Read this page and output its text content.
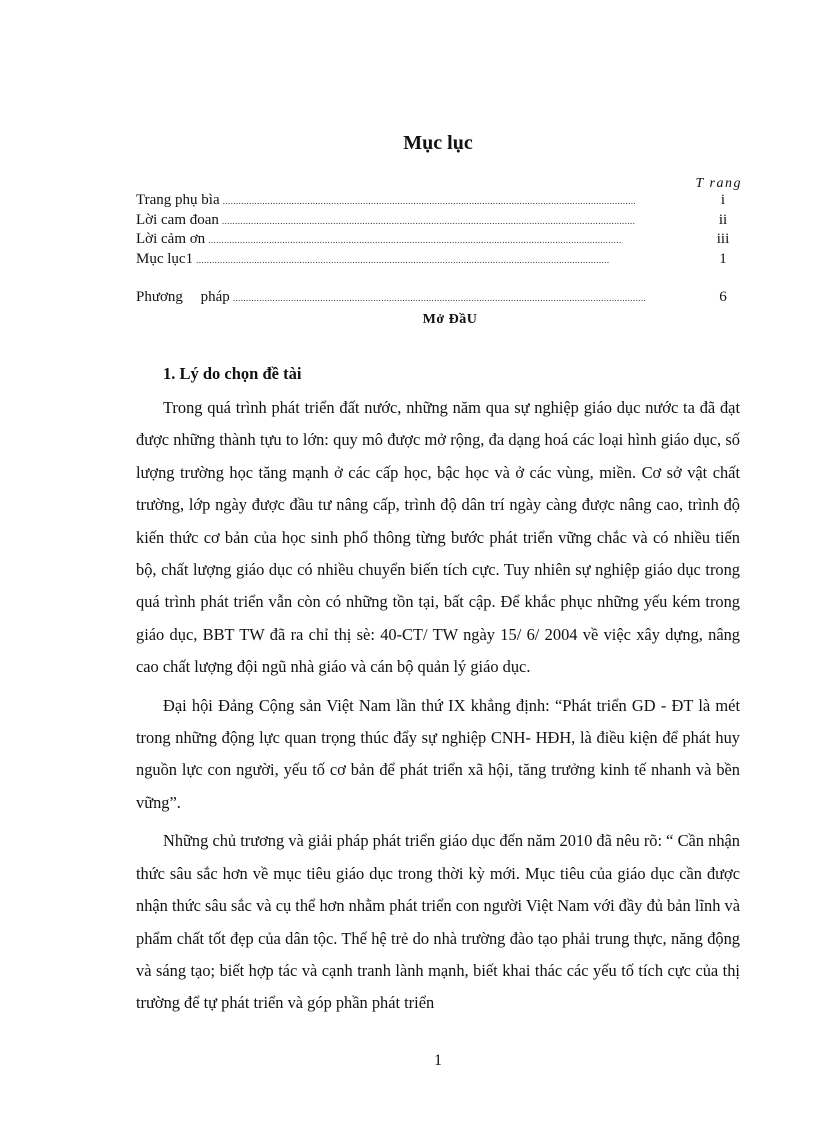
Mục lục
T rang
Trang phụ bìa ............................................................................................................................................................	i
Lời cam đoan ............................................................................................................................................................	ii
Lời cảm ơn ............................................................................................................................................................	iii
Mục lục1 ............................................................................................................................................................	1
Phương pháp ............................................................................................................................................................	6
Mở ĐầU
1. Lý do chọn đề tài

Trong quá trình phát triển đất nước, những năm qua sự nghiệp giáo dục nước ta đã đạt được những thành tựu to lớn: quy mô được mở rộng, đa dạng hoá các loại hình giáo dục, số lượng trường học tăng mạnh ở các cấp học, bậc học và ở các vùng, miền. Cơ sở vật chất trường, lớp ngày được đầu tư nâng cấp, trình độ dân trí ngày càng được nâng cao, trình độ kiến thức cơ bản của học sinh phổ thông từng bước phát triển vững chắc và có nhiều tiến bộ, chất lượng giáo dục có nhiều chuyển biến tích cực. Tuy nhiên sự nghiệp giáo dục trong quá trình phát triển vẫn còn có những tồn tại, bất cập. Để khắc phục những yếu kém trong giáo dục, BBT TW đã ra chỉ thị sè: 40-CT/ TW ngày 15/ 6/ 2004 về việc xây dựng, nâng cao chất lượng đội ngũ nhà giáo và cán bộ quản lý giáo dục.

Đại hội Đảng Cộng sản Việt Nam lần thứ IX khẳng định: “Phát triển GD - ĐT là mét trong những động lực quan trọng thúc đẩy sự nghiệp CNH- HĐH, là điều kiện để phát huy nguồn lực con người, yếu tố cơ bản để phát triển xã hội, tăng trưởng kinh tế nhanh và bền vững”.

Những chủ trương và giải pháp phát triển giáo dục đến năm 2010 đã nêu rõ: “ Cần nhận thức sâu sắc hơn về mục tiêu giáo dục trong thời kỳ mới. Mục tiêu của giáo dục cần được nhận thức sâu sắc và cụ thể hơn nhằm phát triển con người Việt Nam với đầy đủ bản lĩnh và phẩm chất tốt đẹp của dân tộc. Thế hệ trẻ do nhà trường đào tạo phải trung thực, năng động và sáng tạo; biết hợp tác và cạnh tranh lành mạnh, biết khai thác các yếu tố tích cực của thị trường để tự phát triển và góp phần phát triển

1
